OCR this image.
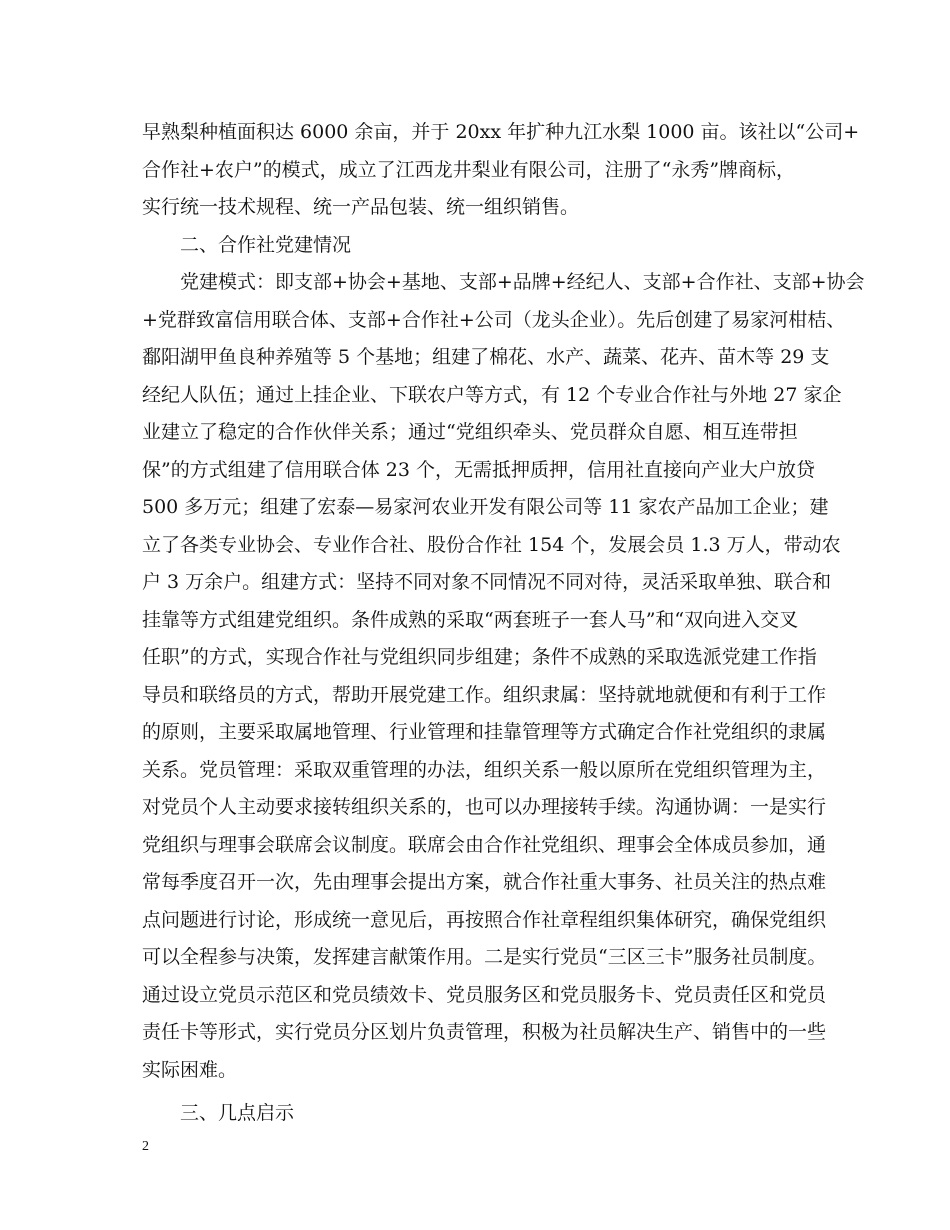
早熟梨种植面积达 6000 余亩，并于 20xx 年扩种九江水梨 1000 亩。该社以“公司+
合作社+农户”的模式，成立了江西龙井梨业有限公司，注册了“永秀”牌商标，
实行统一技术规程、统一产品包装、统一组织销售。
二、合作社党建情况
党建模式：即支部+协会+基地、支部+品牌+经纪人、支部+合作社、支部+协会
+党群致富信用联合体、支部+合作社+公司（龙头企业）。先后创建了易家河柑桔、
鄱阳湖甲鱼良种养殖等 5 个基地；组建了棉花、水产、蔬菜、花卉、苗木等 29 支
经纪人队伍；通过上挂企业、下联农户等方式，有 12 个专业合作社与外地 27 家企
业建立了稳定的合作伙伴关系；通过“党组织牵头、党员群众自愿、相互连带担
保”的方式组建了信用联合体 23 个，无需抵押质押，信用社直接向产业大户放贷
500 多万元；组建了宏泰—易家河农业开发有限公司等 11 家农产品加工企业；建
立了各类专业协会、专业作合社、股份合作社 154 个，发展会员 1.3 万人，带动农
户 3 万余户。组建方式：坚持不同对象不同情况不同对待，灵活采取单独、联合和
挂靠等方式组建党组织。条件成熟的采取“两套班子一套人马”和“双向进入交叉
任职”的方式，实现合作社与党组织同步组建；条件不成熟的采取选派党建工作指
导员和联络员的方式，帮助开展党建工作。组织隶属：坚持就地就便和有利于工作
的原则，主要采取属地管理、行业管理和挂靠管理等方式确定合作社党组织的隶属
关系。党员管理：采取双重管理的办法，组织关系一般以原所在党组织管理为主，
对党员个人主动要求接转组织关系的，也可以办理接转手续。沟通协调：一是实行
党组织与理事会联席会议制度。联席会由合作社党组织、理事会全体成员参加，通
常每季度召开一次，先由理事会提出方案，就合作社重大事务、社员关注的热点难
点问题进行讨论，形成统一意见后，再按照合作社章程组织集体研究，确保党组织
可以全程参与决策，发挥建言献策作用。二是实行党员“三区三卡”服务社员制度。
通过设立党员示范区和党员绩效卡、党员服务区和党员服务卡、党员责任区和党员
责任卡等形式，实行党员分区划片负责管理，积极为社员解决生产、销售中的一些
实际困难。
三、几点启示
2
